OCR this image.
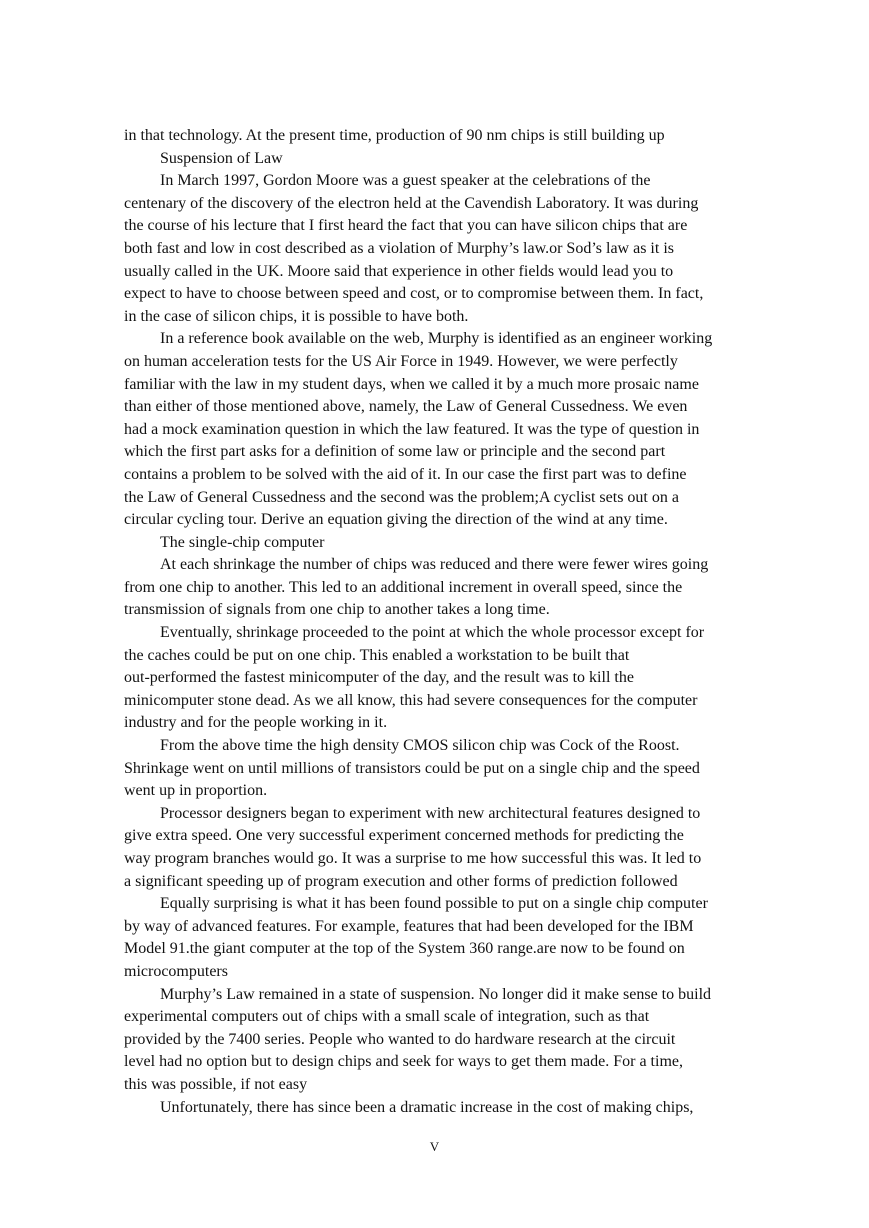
in that technology. At the present time, production of 90 nm chips is still building up
Suspension of Law
In March 1997, Gordon Moore was a guest speaker at the celebrations of the
centenary of the discovery of the electron held at the Cavendish Laboratory. It was during
the course of his lecture that I first heard the fact that you can have silicon chips that are
both fast and low in cost described as a violation of Murphy’s law.or Sod’s law as it is
usually called in the UK. Moore said that experience in other fields would lead you to
expect to have to choose between speed and cost, or to compromise between them. In fact,
in the case of silicon chips, it is possible to have both.
In a reference book available on the web, Murphy is identified as an engineer working
on human acceleration tests for the US Air Force in 1949. However, we were perfectly
familiar with the law in my student days, when we called it by a much more prosaic name
than either of those mentioned above, namely, the Law of General Cussedness. We even
had a mock examination question in which the law featured. It was the type of question in
which the first part asks for a definition of some law or principle and the second part
contains a problem to be solved with the aid of it. In our case the first part was to define
the Law of General Cussedness and the second was the problem;A cyclist sets out on a
circular cycling tour. Derive an equation giving the direction of the wind at any time.
The single-chip computer
At each shrinkage the number of chips was reduced and there were fewer wires going
from one chip to another. This led to an additional increment in overall speed, since the
transmission of signals from one chip to another takes a long time.
Eventually, shrinkage proceeded to the point at which the whole processor except for
the caches could be put on one chip. This enabled a workstation to be built that
out-performed the fastest minicomputer of the day, and the result was to kill the
minicomputer stone dead. As we all know, this had severe consequences for the computer
industry and for the people working in it.
From the above time the high density CMOS silicon chip was Cock of the Roost.
Shrinkage went on until millions of transistors could be put on a single chip and the speed
went up in proportion.
Processor designers began to experiment with new architectural features designed to
give extra speed. One very successful experiment concerned methods for predicting the
way program branches would go. It was a surprise to me how successful this was. It led to
a significant speeding up of program execution and other forms of prediction followed
Equally surprising is what it has been found possible to put on a single chip computer
by way of advanced features. For example, features that had been developed for the IBM
Model 91.the giant computer at the top of the System 360 range.are now to be found on
microcomputers
Murphy’s Law remained in a state of suspension. No longer did it make sense to build
experimental computers out of chips with a small scale of integration, such as that
provided by the 7400 series. People who wanted to do hardware research at the circuit
level had no option but to design chips and seek for ways to get them made. For a time,
this was possible, if not easy
Unfortunately, there has since been a dramatic increase in the cost of making chips,
V
